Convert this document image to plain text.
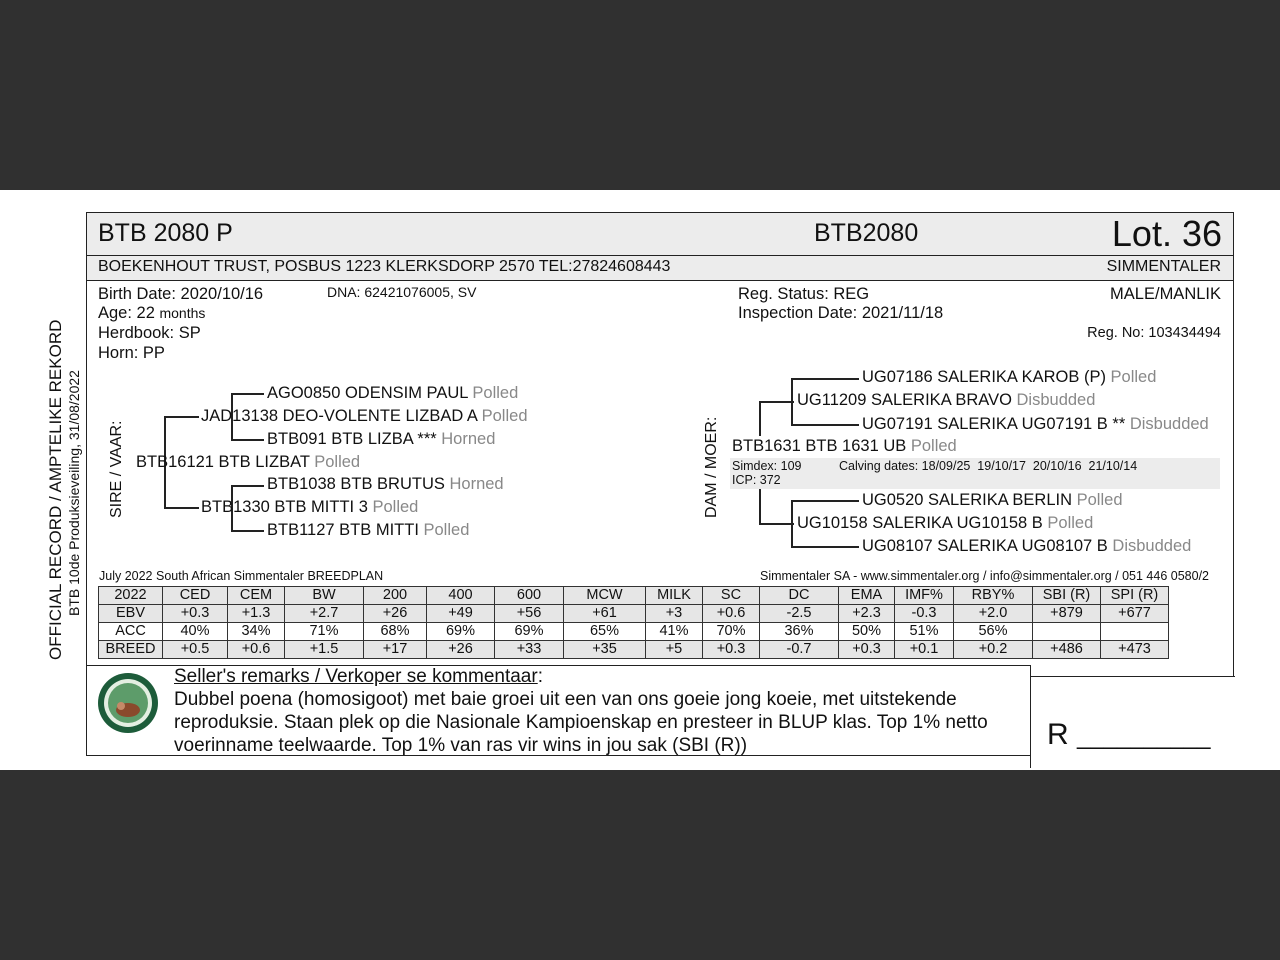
OFFICIAL RECORD / AMPTELIKE REKORD BTB 10de Produksieveiling, 31/08/2022
BTB 2080 P	BTB2080	Lot. 36
BOEKENHOUT TRUST, POSBUS 1223 KLERKSDORP 2570 TEL:27824608443	SIMMENTALER
Birth Date: 2020/10/16	DNA: 62421076005, SV
Age: 22 months
Herdbook: SP
Horn: PP
Reg. Status: REG
Inspection Date: 2021/11/18
MALE/MANLIK
Reg. No: 103434494
SIRE / VAAR:	DAM / MOER:
AGO0850 ODENSIM PAUL Polled
JAD13138 DEO-VOLENTE LIZBAD A Polled
BTB091 BTB LIZBA *** Horned
BTB16121 BTB LIZBAT Polled
BTB1038 BTB BRUTUS Horned
BTB1330 BTB MITTI 3 Polled
BTB1127 BTB MITTI Polled
UG07186 SALERIKA KAROB (P) Polled
UG11209 SALERIKA BRAVO Disbudded
UG07191 SALERIKA UG07191 B ** Disbudded
BTB1631 BTB 1631 UB Polled
Simdex: 109	Calving dates: 18/09/25  19/10/17  20/10/16  21/10/14
ICP: 372
UG0520 SALERIKA BERLIN Polled
UG10158 SALERIKA UG10158 B Polled
UG08107 SALERIKA UG08107 B Disbudded
July 2022 South African Simmentaler BREEDPLAN	Simmentaler SA - www.simmentaler.org / info@simmentaler.org / 051 446 0580/2
2022	CED	CEM	BW	200	400	600	MCW	MILK	SC	DC	EMA	IMF%	RBY%	SBI (R)	SPI (R)
EBV	+0.3	+1.3	+2.7	+26	+49	+56	+61	+3	+0.6	-2.5	+2.3	-0.3	+2.0	+879	+677
ACC	40%	34%	71%	68%	69%	69%	65%	41%	70%	36%	50%	51%	56%		
BREED	+0.5	+0.6	+1.5	+17	+26	+33	+35	+5	+0.3	-0.7	+0.3	+0.1	+0.2	+486	+473
Seller's remarks / Verkoper se kommentaar:
Dubbel poena (homosigoot) met baie groei uit een van ons goeie jong koeie, met uitstekende
reproduksie. Staan plek op die Nasionale Kampioenskap en presteer in BLUP klas. Top 1% netto
voerinname teelwaarde. Top 1% van ras vir wins in jou sak (SBI (R))	R __________
